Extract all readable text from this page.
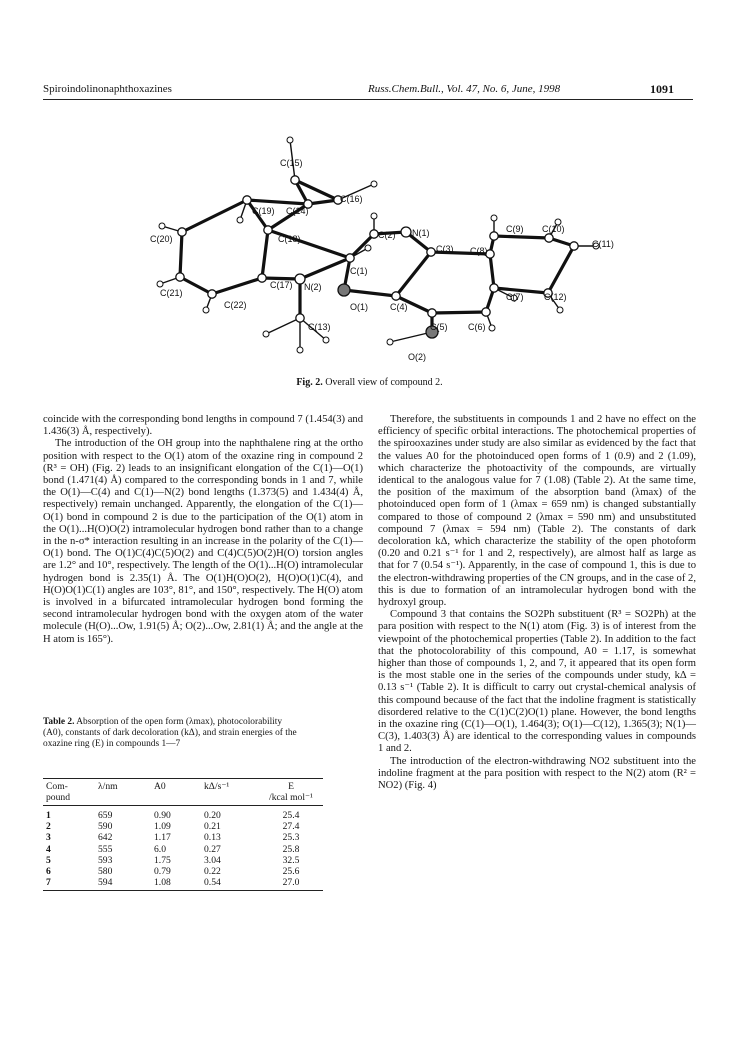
Spiroindolinonaphthoxazines	Russ.Chem.Bull., Vol. 47, No. 6, June, 1998	1091
C(15)
C(16)
C(19) C(14)
C(20)	C(18)	C(2) N(1)	C(9) C(10)
C(11)
C(3) C(8)
C(1)
C(21)
C(17) N(2)
C(22)	O(1) C(4)
C(7) C(12)
C(13)	C(5) C(6)
O(2)
Fig. 2. Overall view of compound 2.

coincide with the corresponding bond lengths in compound 7 (1.454(3) and 1.436(3) Å, respectively).

The introduction of the OH group into the naphthalene ring at the ortho position with respect to the O(1) atom of the oxazine ring in compound 2 (R³ = OH) (Fig. 2) leads to an insignificant elongation of the C(1)—O(1) bond (1.471(4) Å) compared to the corresponding bonds in 1 and 7, while the O(1)—C(4) and C(1)—N(2) bond lengths (1.373(5) and 1.434(4) Å, respectively) remain unchanged. Apparently, the elongation of the C(1)—O(1) bond in compound 2 is due to the participation of the O(1) atom in the O(1)...H(O)O(2) intramolecular hydrogen bond rather than to a change in the n-σ* interaction resulting in an increase in the polarity of the C(1)—O(1) bond. The O(1)C(4)C(5)O(2) and C(4)C(5)O(2)H(O) torsion angles are 1.2° and 10°, respectively. The length of the O(1)...H(O) intramolecular hydrogen bond is 2.35(1) Å. The O(1)H(O)O(2), H(O)O(1)C(4), and H(O)O(1)C(1) angles are 103°, 81°, and 150°, respectively. The H(O) atom is involved in a bifurcated intramolecular hydrogen bond forming the second intramolecular hydrogen bond with the oxygen atom of the water molecule (H(O)...Ow, 1.91(5) Å; O(2)...Ow, 2.81(1) Å; and the angle at the H atom is 165°).

Table 2. Absorption of the open form (λmax), photocolorability (A0), constants of dark decoloration (kΔ), and strain energies of the oxazine ring (E) in compounds 1—7
Com-
pound	λ/nm	A0	kΔ/s⁻¹	E
/kcal mol⁻¹
1	659	0.90	0.20	25.4
2	590	1.09	0.21	27.4
3	642	1.17	0.13	25.3
4	555	6.0	0.27	25.8
5	593	1.75	3.04	32.5
6	580	0.79	0.22	25.6
7	594	1.08	0.54	27.0

Therefore, the substituents in compounds 1 and 2 have no effect on the efficiency of specific orbital interactions. The photochemical properties of the spirooxazines under study are also similar as evidenced by the fact that the values A0 for the photoinduced open forms of 1 (0.9) and 2 (1.09), which characterize the photoactivity of the compounds, are virtually identical to the analogous value for 7 (1.08) (Table 2). At the same time, the position of the maximum of the absorption band (λmax) of the photoinduced open form of 1 (λmax = 659 nm) is changed substantially compared to those of compound 2 (λmax = 590 nm) and unsubstituted compound 7 (λmax = 594 nm) (Table 2). The constants of dark decoloration kΔ, which characterize the stability of the open photoform (0.20 and 0.21 s⁻¹ for 1 and 2, respectively), are almost half as large as that for 7 (0.54 s⁻¹). Apparently, in the case of compound 1, this is due to the electron-withdrawing properties of the CN groups, and in the case of 2, this is due to formation of an intramolecular hydrogen bond with the hydroxyl group.

Compound 3 that contains the SO2Ph substituent (R³ = SO2Ph) at the para position with respect to the N(1) atom (Fig. 3) is of interest from the viewpoint of the photochemical properties (Table 2). In addition to the fact that the photocolorability of this compound, A0 = 1.17, is somewhat higher than those of compounds 1, 2, and 7, it appeared that its open form is the most stable one in the series of the compounds under study, kΔ = 0.13 s⁻¹ (Table 2). It is difficult to carry out crystal-chemical analysis of this compound because of the fact that the indoline fragment is statistically disordered relative to the C(1)C(2)O(1) plane. However, the bond lengths in the oxazine ring (C(1)—O(1), 1.464(3); O(1)—C(12), 1.365(3); N(1)—C(3), 1.403(3) Å) are identical to the corresponding values in compounds 1 and 2.

The introduction of the electron-withdrawing NO2 substituent into the indoline fragment at the para position with respect to the N(2) atom (R² = NO2) (Fig. 4)
